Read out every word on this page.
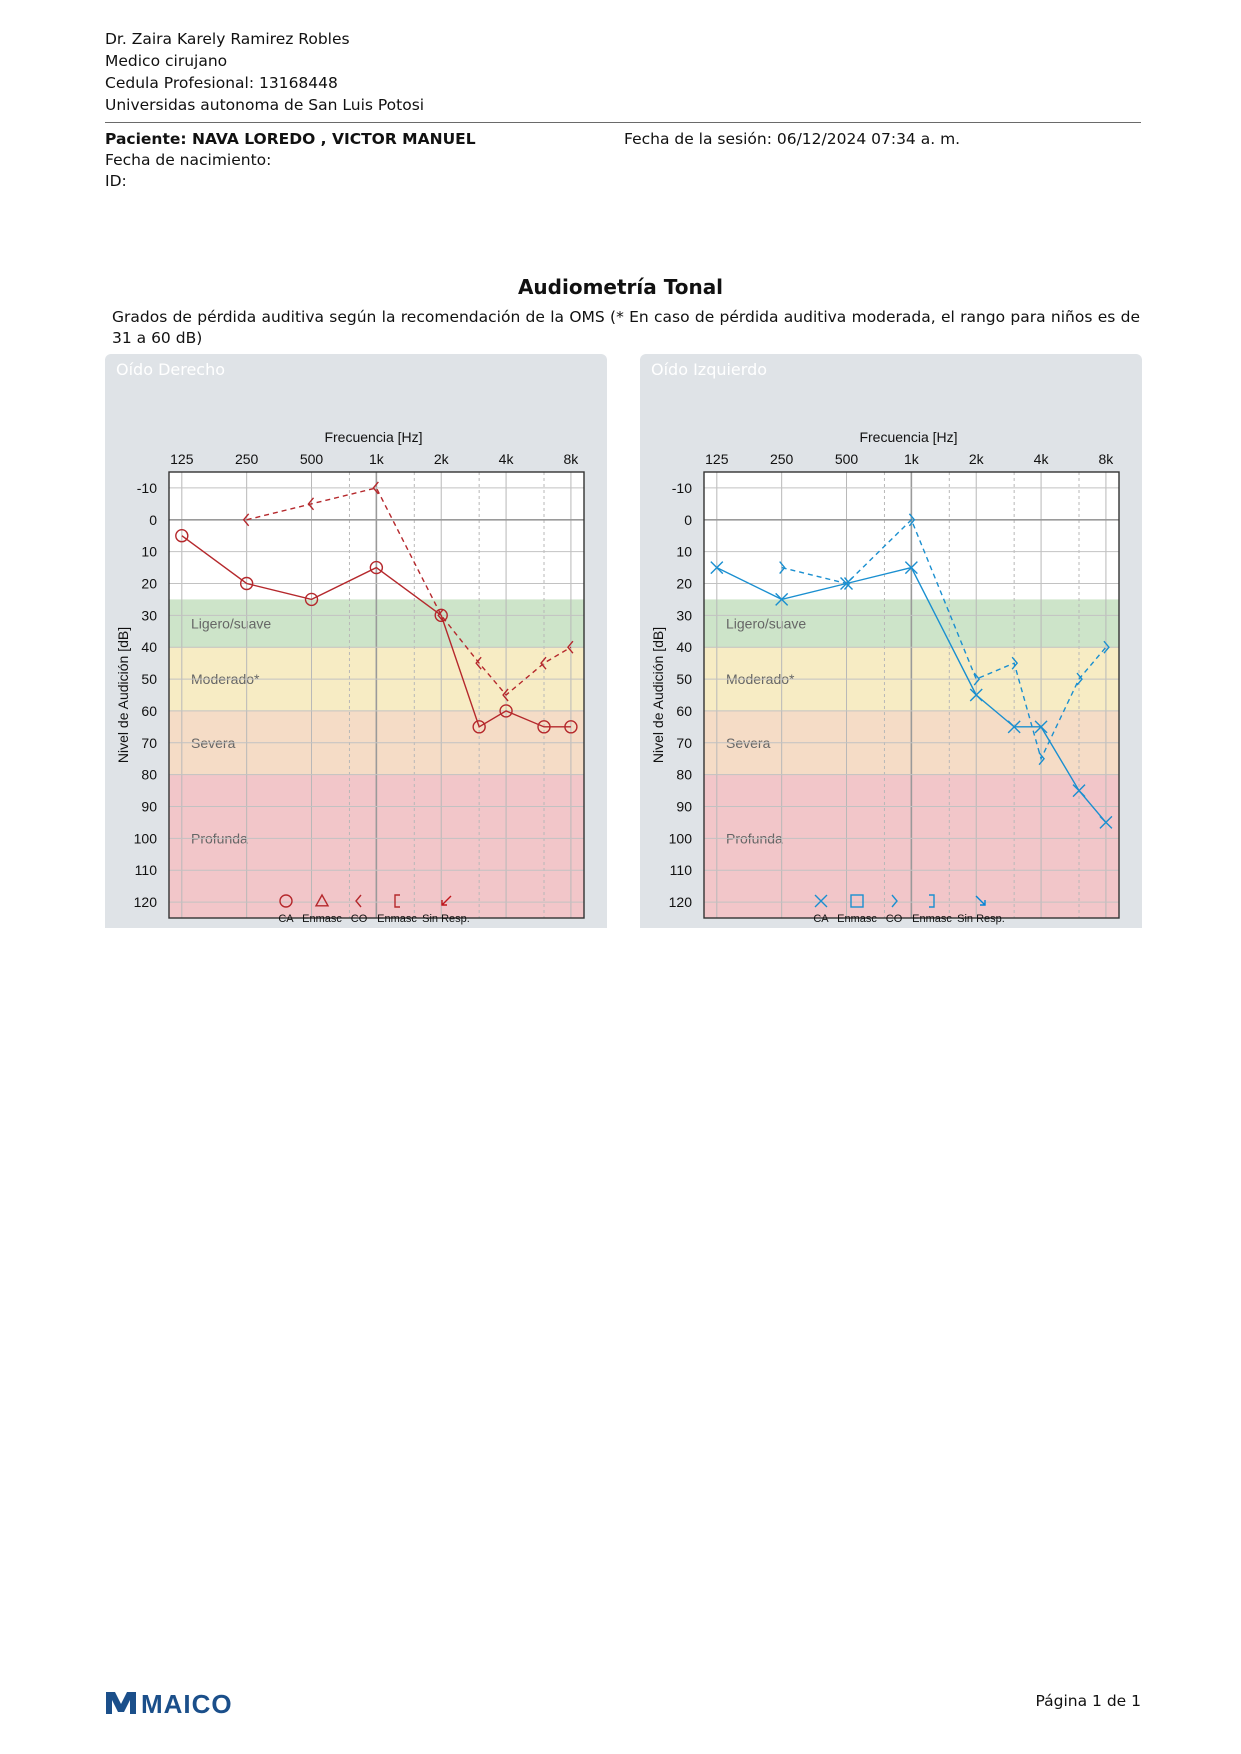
Dr. Zaira Karely Ramirez Robles
Medico cirujano
Cedula Profesional: 13168448
Universidas autonoma de San Luis Potosi
Paciente: NAVA LOREDO , VICTOR MANUEL
Fecha de nacimiento:
ID:
Fecha de la sesión: 06/12/2024 07:34 a. m.
Audiometría Tonal
Grados de pérdida auditiva según la recomendación de la OMS (* En caso de pérdida auditiva moderada, el rango para niños es de 31 a 60 dB)
Oído Derecho
Ligero/suave
Moderado*
Severa
Profunda
-10
0
10
20
30
40
50
60
70
80
90
100
110
120
125	250	500	1k	2k	4k	8k
Frecuencia [Hz]
Nivel de Audición [dB]
CA Enmasc CO Enmasc Sin Resp.
Oído Izquierdo
Ligero/suave
Moderado*
Severa
Profunda
-10
0
10
20
30
40
50
60
70
80
90
100
110
120
125	250	500	1k	2k	4k	8k
Frecuencia [Hz]
Nivel de Audición [dB]
CA Enmasc CO Enmasc Sin Resp.
MAICO	Página 1 de 1
